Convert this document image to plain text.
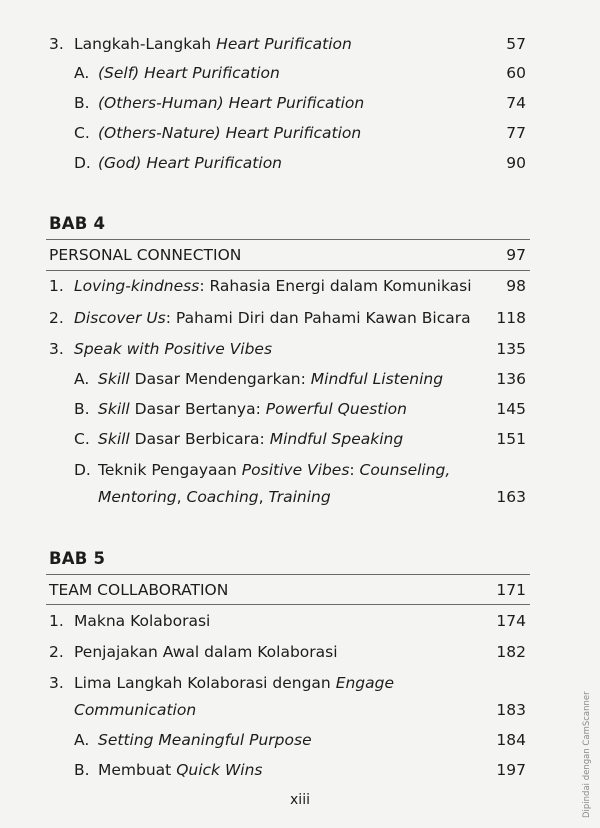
3. Langkah-Langkah Heart Purification	57
A. (Self) Heart Purification	60
B. (Others-Human) Heart Purification	74
C. (Others-Nature) Heart Purification	77
D. (God) Heart Purification	90
BAB 4
PERSONAL CONNECTION	97
1. Loving-kindness: Rahasia Energi dalam Komunikasi 98
2. Discover Us: Pahami Diri dan Pahami Kawan Bicara 118
3. Speak with Positive Vibes	135
A. Skill Dasar Mendengarkan: Mindful Listening	136
B. Skill Dasar Bertanya: Powerful Question	145
C. Skill Dasar Berbicara: Mindful Speaking	151
D. Teknik Pengayaan Positive Vibes: Counseling,
Mentoring, Coaching, Training	163
BAB 5
TEAM COLLABORATION	171
1. Makna Kolaborasi	174
2. Penjajakan Awal dalam Kolaborasi	182
3. Lima Langkah Kolaborasi dengan Engage
Communication	183
A. Setting Meaningful Purpose	184
B. Membuat Quick Wins	197
xiii	Dipindai dengan CamScanner
